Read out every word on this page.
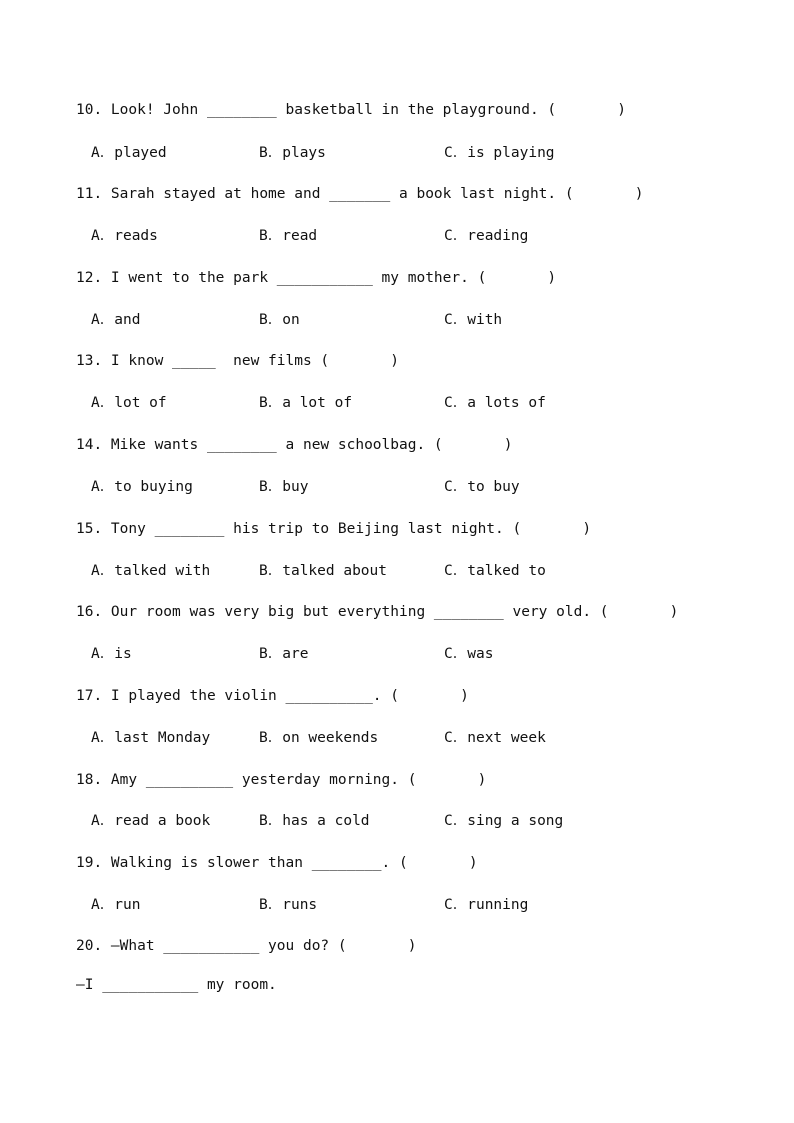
10. Look! John ________ basketball in the playground. (       )
A．played	B．plays	C．is playing
11. Sarah stayed at home and _______ a book last night. (       )
A．reads	B．read	C．reading
12. I went to the park ___________ my mother. (       )
A．and	B．on	C．with
13. I know _____  new films (       )
A．lot of	B．a lot of	C．a lots of
14. Mike wants ________ a new schoolbag. (       )
A．to buying	B．buy	C．to buy
15. Tony ________ his trip to Beijing last night. (       )
A．talked with	B．talked about	C．talked to
16. Our room was very big but everything ________ very old. (       )
A．is	B．are	C．was
17. I played the violin __________. (       )
A．last Monday	B．on weekends	C．next week
18. Amy __________ yesterday morning. (       )
A．read a book	B．has a cold	C．sing a song
19. Walking is slower than ________. (       )
A．run	B．runs	C．running
20. —What ___________ you do? (       )
—I ___________ my room.
